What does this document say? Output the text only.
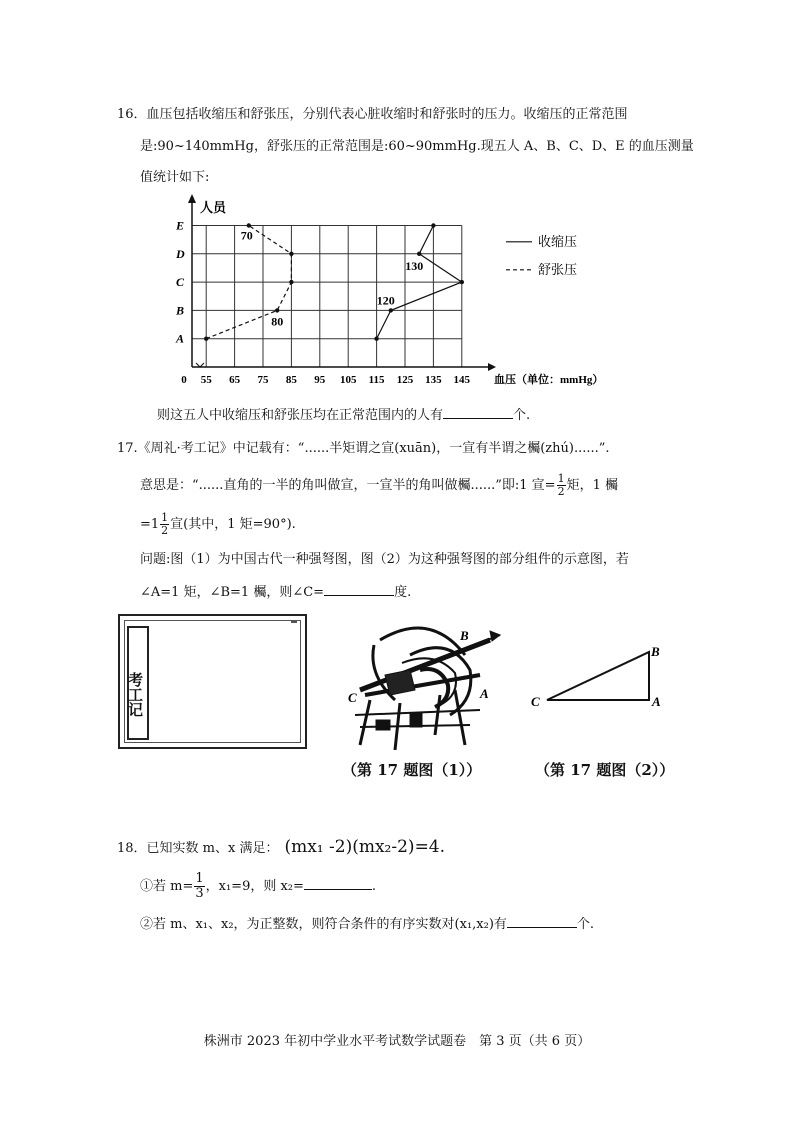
16．血压包括收缩压和舒张压，分别代表心脏收缩时和舒张时的压力。收缩压的正常范围
是:90~140mmHg，舒张压的正常范围是:60~90mmHg.现五人 A、B、C、D、E 的血压测量
值统计如下:
人员
A
B
C
D
E
0 55 65 75 85 95 105 115 125 135 145 血压（单位：mmHg）
70
80
120
130
收缩压
舒张压
则这五人中收缩压和舒张压均在正常范围内的人有	个.
17.《周礼·考工记》中记载有：“......半矩谓之宣(xuān)，一宣有半谓之欘(zhú)......”.
意思是：“......直角的一半的角叫做宣，一宣半的角叫做欘......”即:1 宣= $\frac{1}{2}$ 矩，1 欘
$=1 \frac{1}{2}$ 宣(其中，1 矩=90°).
问题:图（1）为中国古代一种强弩图，图（2）为这种强弩图的部分组件的示意图，若
∠A=1 矩，∠B=1 欘，则∠C=	度.
考工记
B
C	A
C	A
B
（第 17 题图（1））	（第 17 题图（2））
18．已知实数 m、x 满足： (mx₁ -2)(mx₂-2)=4.
①若 $m= \frac{1}{3}$ ，x₁=9，则 x₂=	.
②若 m、x₁、x₂，为正整数，则符合条件的有序实数对(x₁,x₂)有	个.
株洲市 2023 年初中学业水平考试数学试题卷　第 3 页（共 6 页）
